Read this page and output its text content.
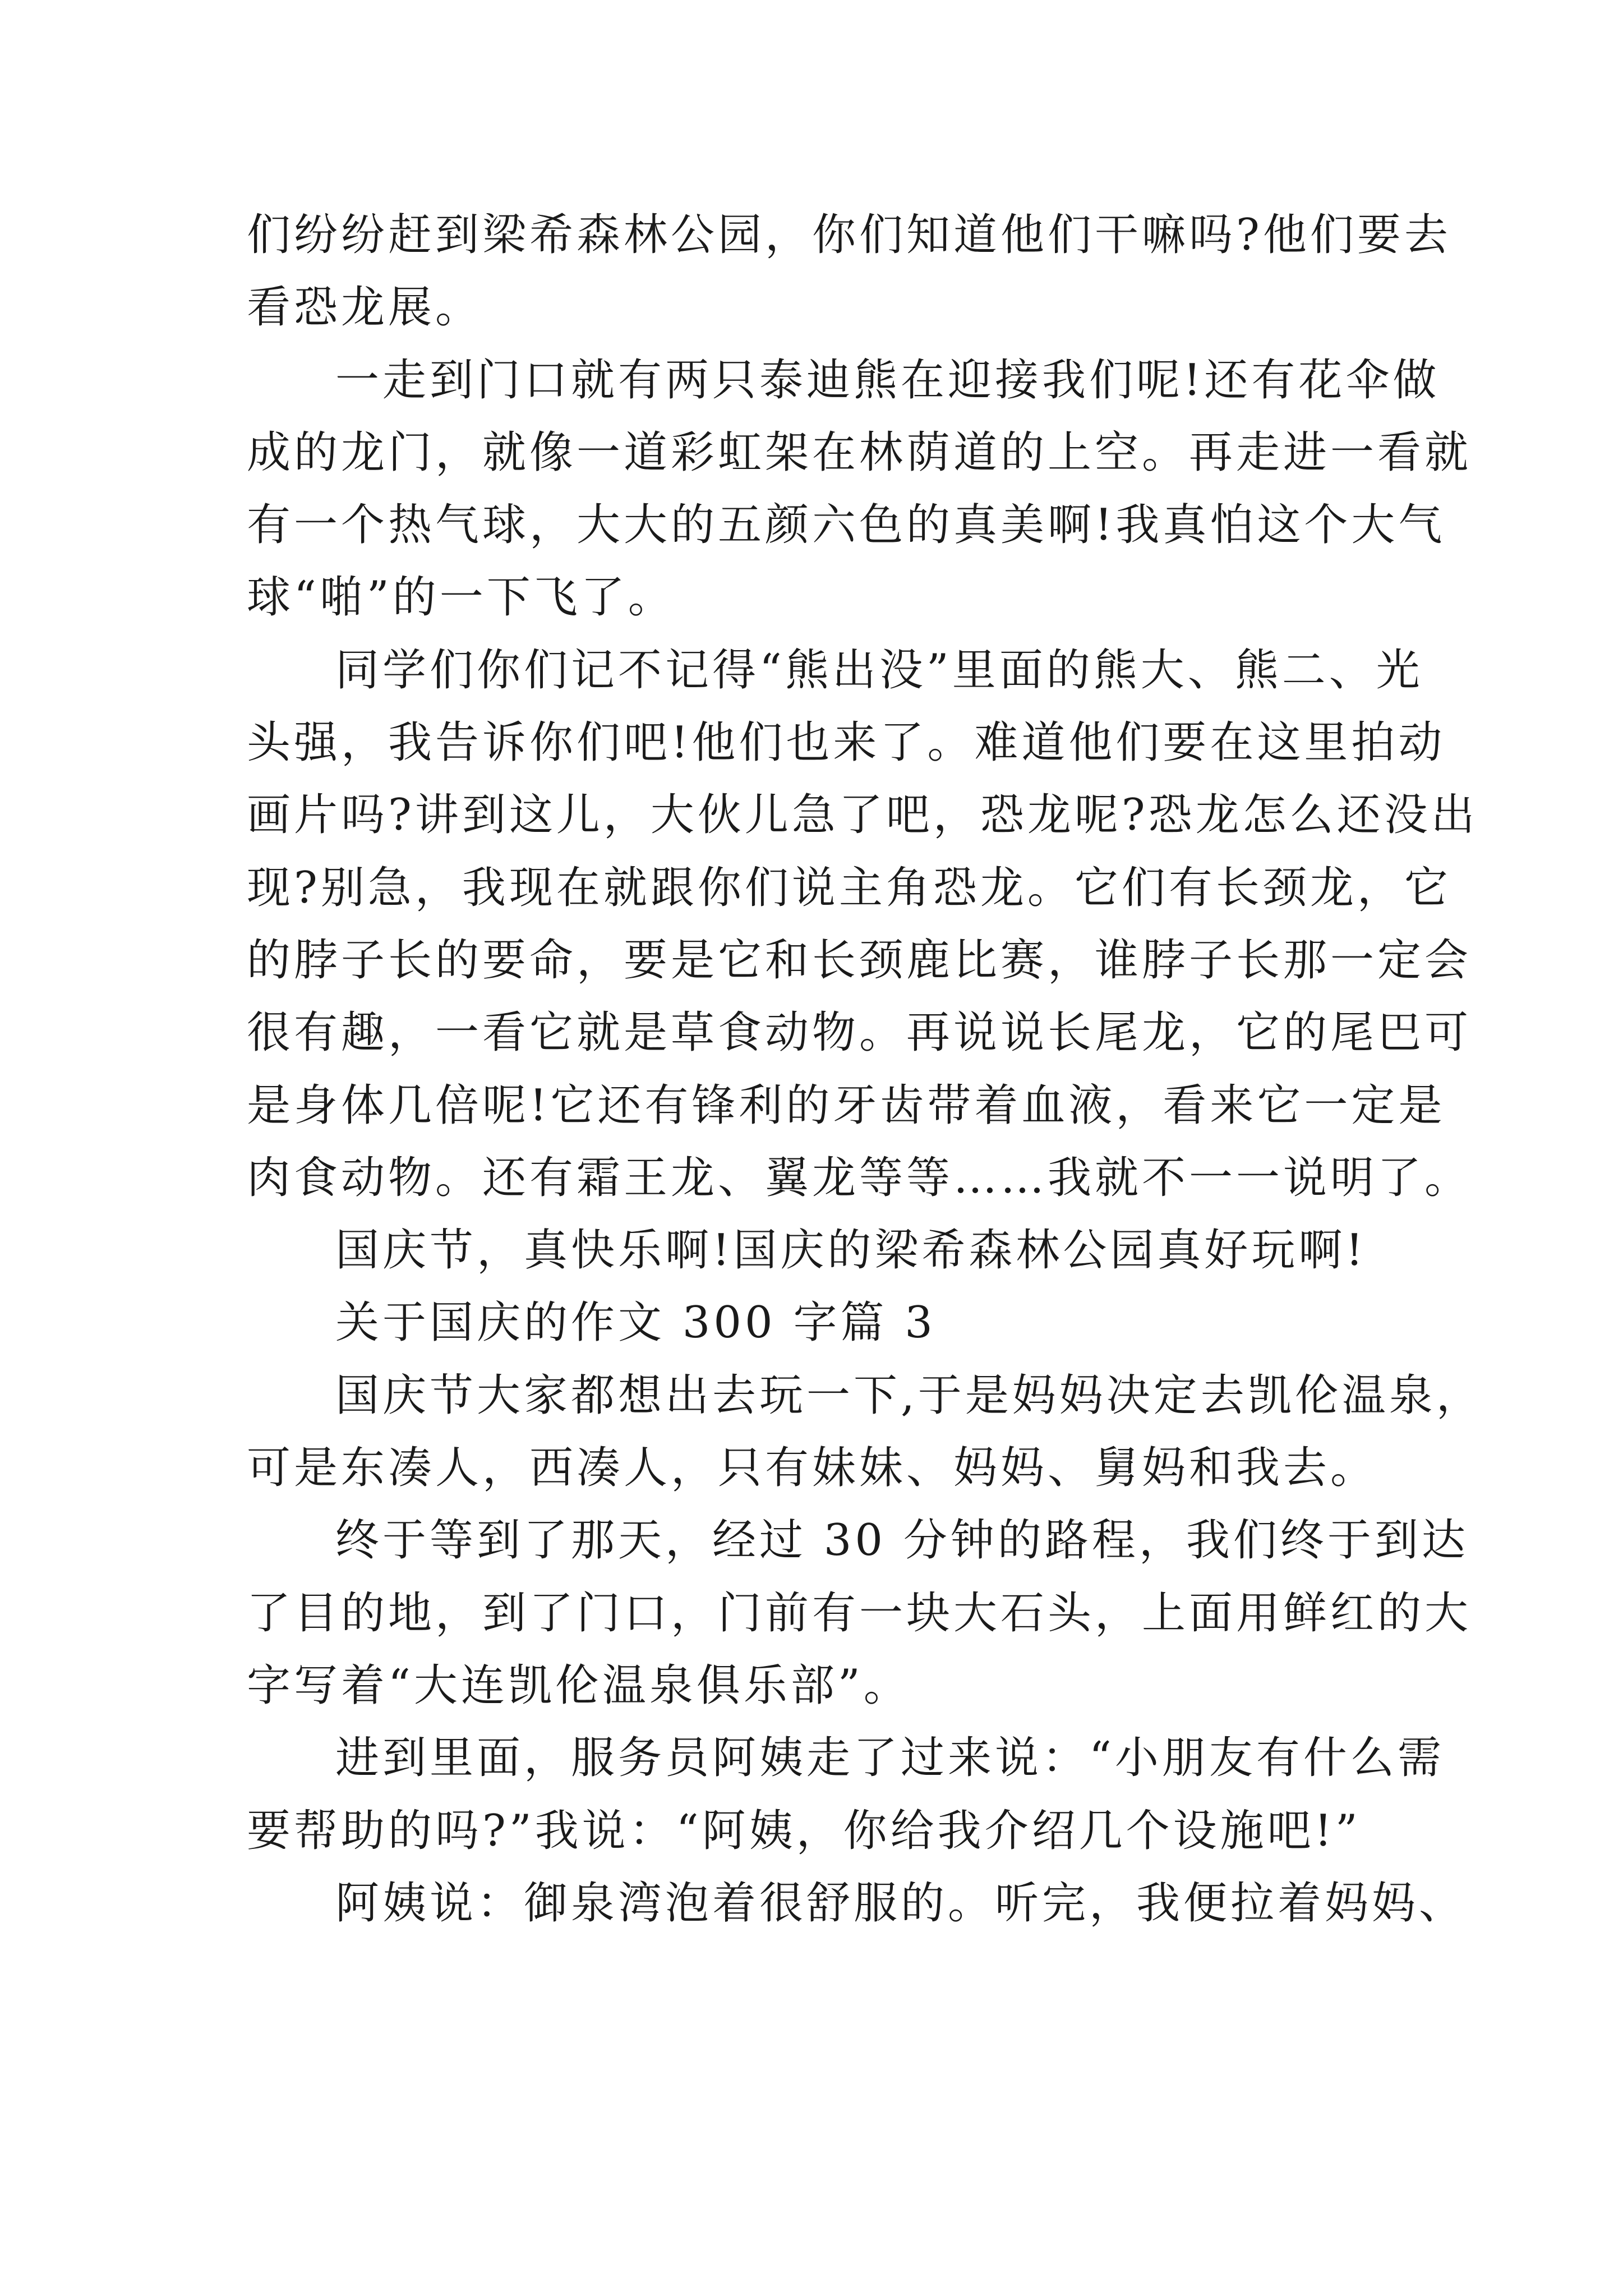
们纷纷赶到梁希森林公园，你们知道他们干嘛吗?他们要去
看恐龙展。
一走到门口就有两只泰迪熊在迎接我们呢!还有花伞做
成的龙门，就像一道彩虹架在林荫道的上空。再走进一看就
有一个热气球，大大的五颜六色的真美啊!我真怕这个大气
球“啪”的一下飞了。
同学们你们记不记得“熊出没”里面的熊大、熊二、光
头强，我告诉你们吧!他们也来了。难道他们要在这里拍动
画片吗?讲到这儿，大伙儿急了吧，恐龙呢?恐龙怎么还没出
现?别急，我现在就跟你们说主角恐龙。它们有长颈龙，它
的脖子长的要命，要是它和长颈鹿比赛，谁脖子长那一定会
很有趣，一看它就是草食动物。再说说长尾龙，它的尾巴可
是身体几倍呢!它还有锋利的牙齿带着血液，看来它一定是
肉食动物。还有霜王龙、翼龙等等……我就不一一说明了。
国庆节，真快乐啊!国庆的梁希森林公园真好玩啊!
关于国庆的作文 300 字篇 3
国庆节大家都想出去玩一下,于是妈妈决定去凯伦温泉，
可是东凑人，西凑人，只有妹妹、妈妈、舅妈和我去。
终于等到了那天，经过 30 分钟的路程，我们终于到达
了目的地，到了门口，门前有一块大石头，上面用鲜红的大
字写着“大连凯伦温泉俱乐部”。
进到里面，服务员阿姨走了过来说：“小朋友有什么需
要帮助的吗?”我说：“阿姨，你给我介绍几个设施吧!”
阿姨说：御泉湾泡着很舒服的。听完，我便拉着妈妈、
